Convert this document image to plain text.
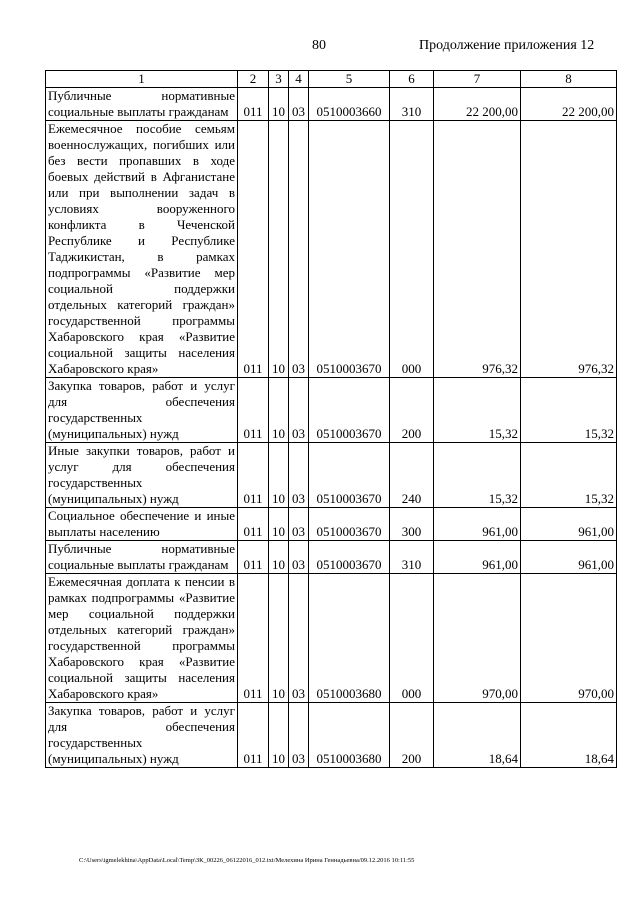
80	Продолжение приложения 12
1	2	3	4	5	6	7	8
Публичные нормативные социальные выплаты гражданам	011	10	03	0510003660	310	22 200,00	22 200,00
Ежемесячное пособие семьям военнослужащих, погибших или без вести пропавших в ходе боевых действий в Афганистане или при выполнении задач в условиях вооруженного конфликта в Чеченской Республике и Республике Таджикистан, в рамках подпрограммы «Развитие мер социальной поддержки отдельных категорий граждан» государственной программы Хабаровского края «Развитие социальной защиты населения Хабаровского края»	011	10	03	0510003670	000	976,32	976,32
Закупка товаров, работ и услуг для обеспечения государственных (муниципальных) нужд	011	10	03	0510003670	200	15,32	15,32
Иные закупки товаров, работ и услуг для обеспечения государственных (муниципальных) нужд	011	10	03	0510003670	240	15,32	15,32
Социальное обеспечение и иные выплаты населению	011	10	03	0510003670	300	961,00	961,00
Публичные нормативные социальные выплаты гражданам	011	10	03	0510003670	310	961,00	961,00
Ежемесячная доплата к пенсии в рамках подпрограммы «Развитие мер социальной поддержки отдельных категорий граждан» государственной программы Хабаровского края «Развитие социальной защиты населения Хабаровского края»	011	10	03	0510003680	000	970,00	970,00
Закупка товаров, работ и услуг для обеспечения государственных (муниципальных) нужд	011	10	03	0510003680	200	18,64	18,64
C:\Users\igmelekhina\AppData\Local\Temp\ЗК_00226_06122016_012.txt/Мелехина Ирина Геннадьевна/09.12.2016 10:11:55
